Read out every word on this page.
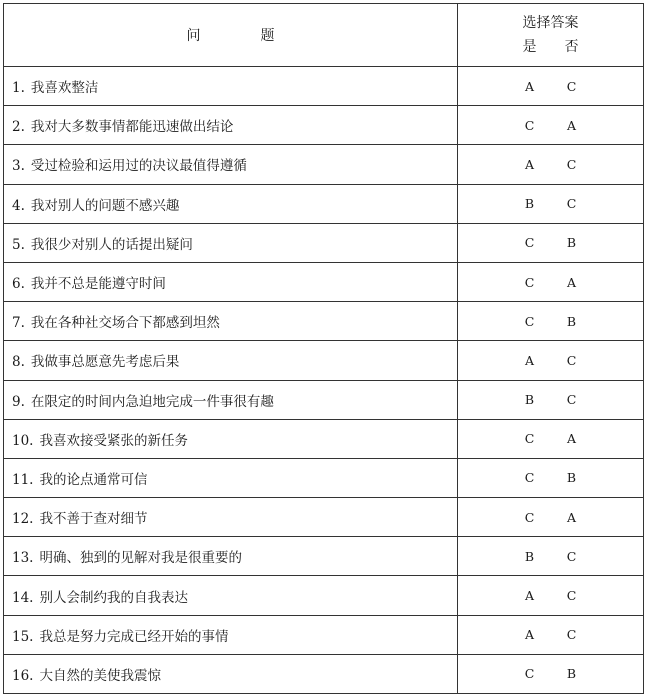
问 题	选择答案
是 否

1. 我喜欢整洁	A C

2. 我对大多数事情都能迅速做出结论	C A

3. 受过检验和运用过的决议最值得遵循	A C

4. 我对别人的问题不感兴趣	B C

5. 我很少对别人的话提出疑问	C B

6. 我并不总是能遵守时间	C A

7. 我在各种社交场合下都感到坦然	C B

8. 我做事总愿意先考虑后果	A C

9. 在限定的时间内急迫地完成一件事很有趣	B C

10. 我喜欢接受紧张的新任务	C A

11. 我的论点通常可信	C B

12. 我不善于查对细节	C A

13. 明确、独到的见解对我是很重要的	B C

14. 别人会制约我的自我表达	A C

15. 我总是努力完成已经开始的事情	A C

16. 大自然的美使我震惊	C B
